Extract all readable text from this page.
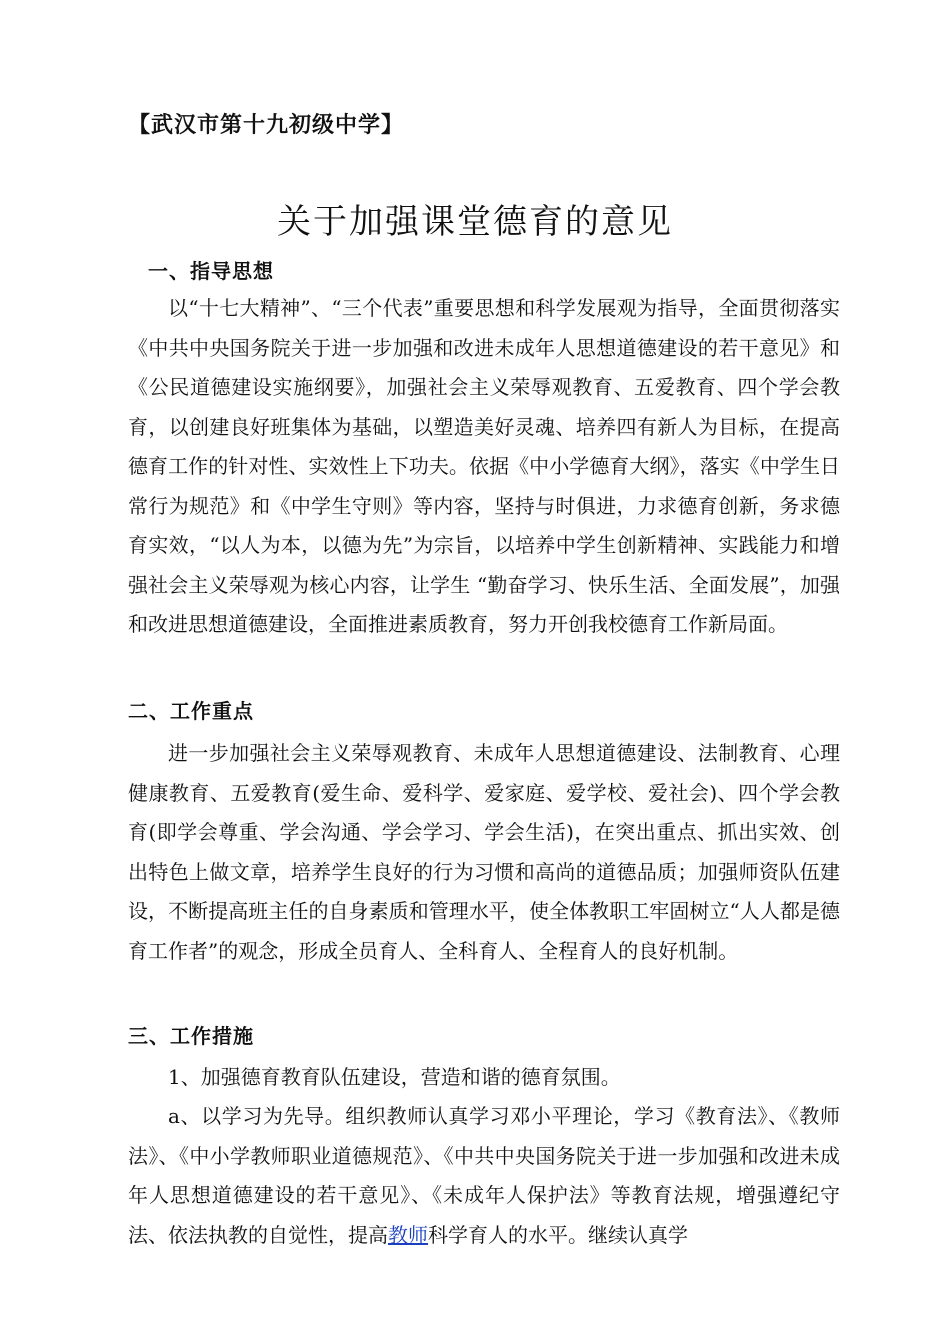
【武汉市第十九初级中学】
关于加强课堂德育的意见
一、指导思想
以“十七大精神”、“三个代表”重要思想和科学发展观为指导，全面贯彻落实《中共中央国务院关于进一步加强和改进未成年人思想道德建设的若干意见》和《公民道德建设实施纲要》，加强社会主义荣辱观教育、五爱教育、四个学会教育，以创建良好班集体为基础，以塑造美好灵魂、培养四有新人为目标，在提高德育工作的针对性、实效性上下功夫。依据《中小学德育大纲》，落实《中学生日常行为规范》和《中学生守则》等内容，坚持与时俱进，力求德育创新，务求德育实效，“以人为本，以德为先”为宗旨，以培养中学生创新精神、实践能力和增强社会主义荣辱观为核心内容，让学生 “勤奋学习、快乐生活、全面发展”，加强和改进思想道德建设，全面推进素质教育，努力开创我校德育工作新局面。
二、工作重点
进一步加强社会主义荣辱观教育、未成年人思想道德建设、法制教育、心理健康教育、五爱教育(爱生命、爱科学、爱家庭、爱学校、爱社会)、四个学会教育(即学会尊重、学会沟通、学会学习、学会生活)，在突出重点、抓出实效、创出特色上做文章，培养学生良好的行为习惯和高尚的道德品质；加强师资队伍建设，不断提高班主任的自身素质和管理水平，使全体教职工牢固树立“人人都是德育工作者”的观念，形成全员育人、全科育人、全程育人的良好机制。
三、工作措施
1、加强德育教育队伍建设，营造和谐的德育氛围。
a、以学习为先导。组织教师认真学习邓小平理论，学习《教育法》、《教师法》、《中小学教师职业道德规范》、《中共中央国务院关于进一步加强和改进未成年人思想道德建设的若干意见》、《未成年人保护法》等教育法规，增强遵纪守法、依法执教的自觉性，提高教师科学育人的水平。继续认真学
